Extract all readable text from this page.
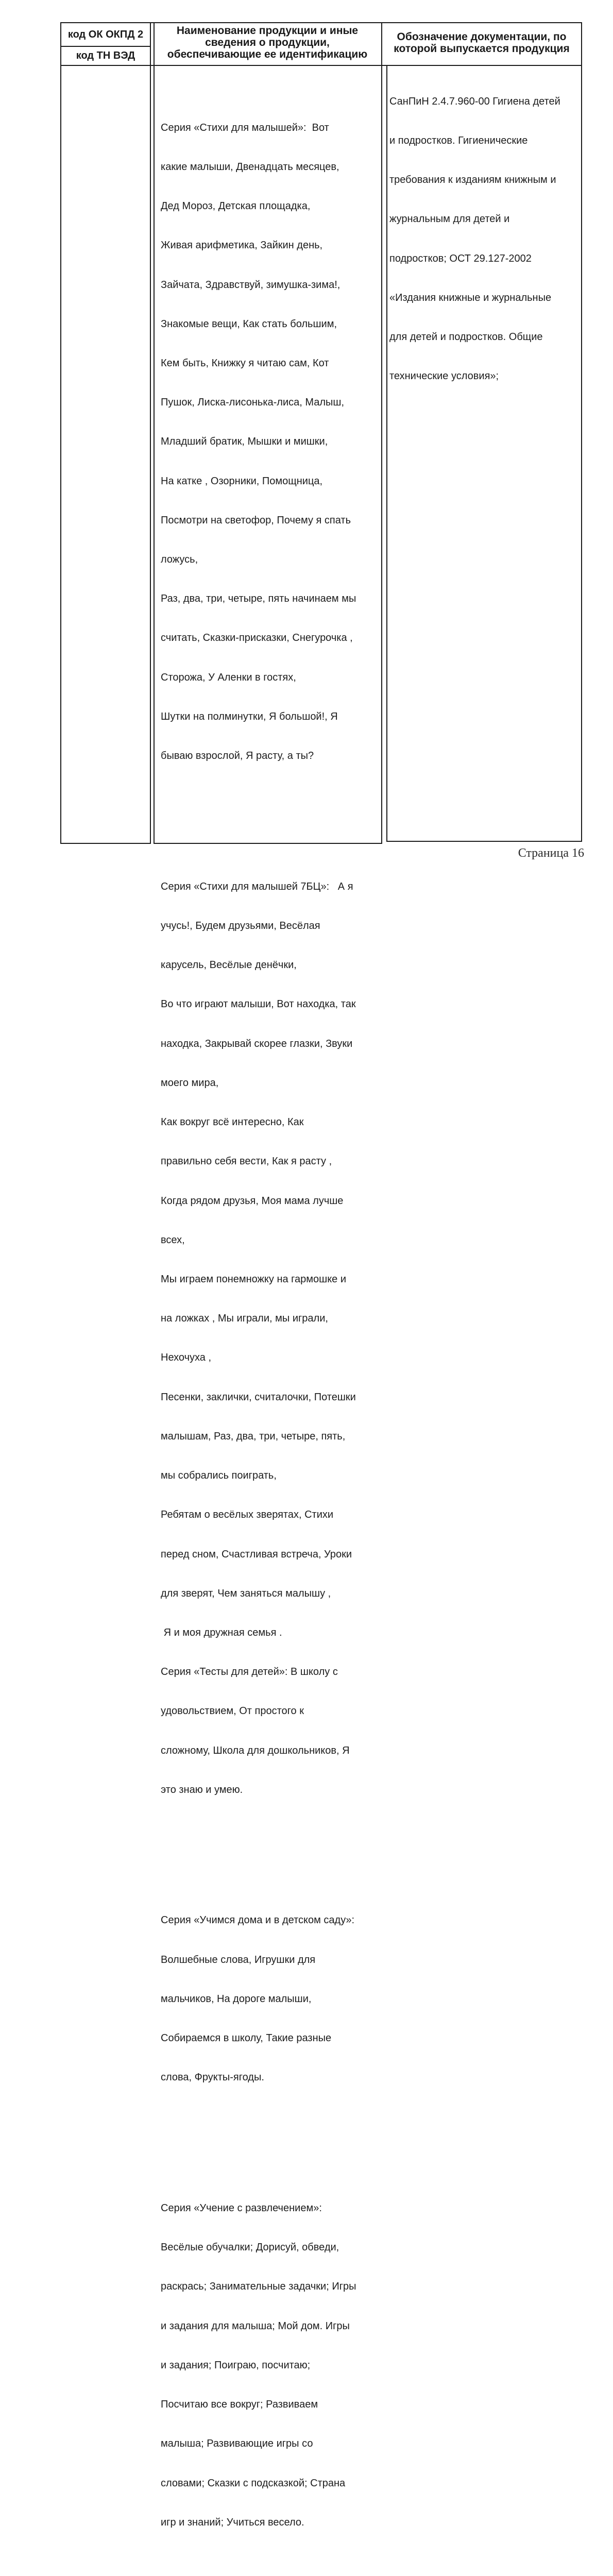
код ОК ОКПД 2
код ТН ВЭД
Наименование продукции и иные
сведения о продукции,
обеспечивающие ее идентификацию
Обозначение документации, по
которой выпускается продукция

Серия «Стихи для малышей»:  Вот

какие малыши, Двенадцать месяцев,

Дед Мороз, Детская площадка,

Живая арифметика, Зайкин день,

Зайчата, Здравствуй, зимушка-зима!,

Знакомые вещи, Как стать большим,

Кем быть, Книжку я читаю сам, Кот

Пушок, Лиска-лисонька-лиса, Малыш,

Младший братик, Мышки и мишки,

На катке , Озорники, Помощница,

Посмотри на светофор, Почему я спать

ложусь,

Раз, два, три, четыре, пять начинаем мы

считать, Сказки-присказки, Снегурочка ,

Сторожа, У Аленки в гостях,

Шутки на полминутки, Я большой!, Я

бываю взрослой, Я расту, а ты?

Серия «Стихи для малышей 7БЦ»:   А я

учусь!, Будем друзьями, Весёлая

карусель, Весёлые денёчки,

Во что играют малыши, Вот находка, так

находка, Закрывай скорее глазки, Звуки

моего мира,

Как вокруг всё интересно, Как

правильно себя вести, Как я расту ,

Когда рядом друзья, Моя мама лучше

всех,

Мы играем понемножку на гармошке и

на ложках , Мы играли, мы играли,

Нехочуха ,

Песенки, заклички, считалочки, Потешки

малышам, Раз, два, три, четыре, пять,

мы собрались поиграть,

Ребятам о весёлых зверятах, Стихи

перед сном, Счастливая встреча, Уроки

для зверят, Чем заняться малышу ,

Я и моя дружная семья .

Серия «Тесты для детей»: В школу с

удовольствием, От простого к

сложному, Школа для дошкольников, Я

это знаю и умею.

Серия «Учимся дома и в детском саду»:

Волшебные слова, Игрушки для

мальчиков, На дороге малыши,

Собираемся в школу, Такие разные

слова, Фрукты-ягоды.

Серия «Учение с развлечением»:

Весёлые обучалки; Дорисуй, обведи,

раскрась; Занимательные задачки; Игры

и задания для малыша; Мой дом. Игры

и задания; Поиграю, посчитаю;

Посчитаю все вокруг; Развиваем

малыша; Развивающие игры со

словами; Сказки с подсказкой; Страна

игр и знаний; Учиться весело.

СанПиН 2.4.7.960-00 Гигиена детей

и подростков. Гигиенические

требования к изданиям книжным и

журнальным для детей и

подростков; ОСТ 29.127-2002

«Издания книжные и журнальные

для детей и подростков. Общие

технические условия»;

Страница 16
